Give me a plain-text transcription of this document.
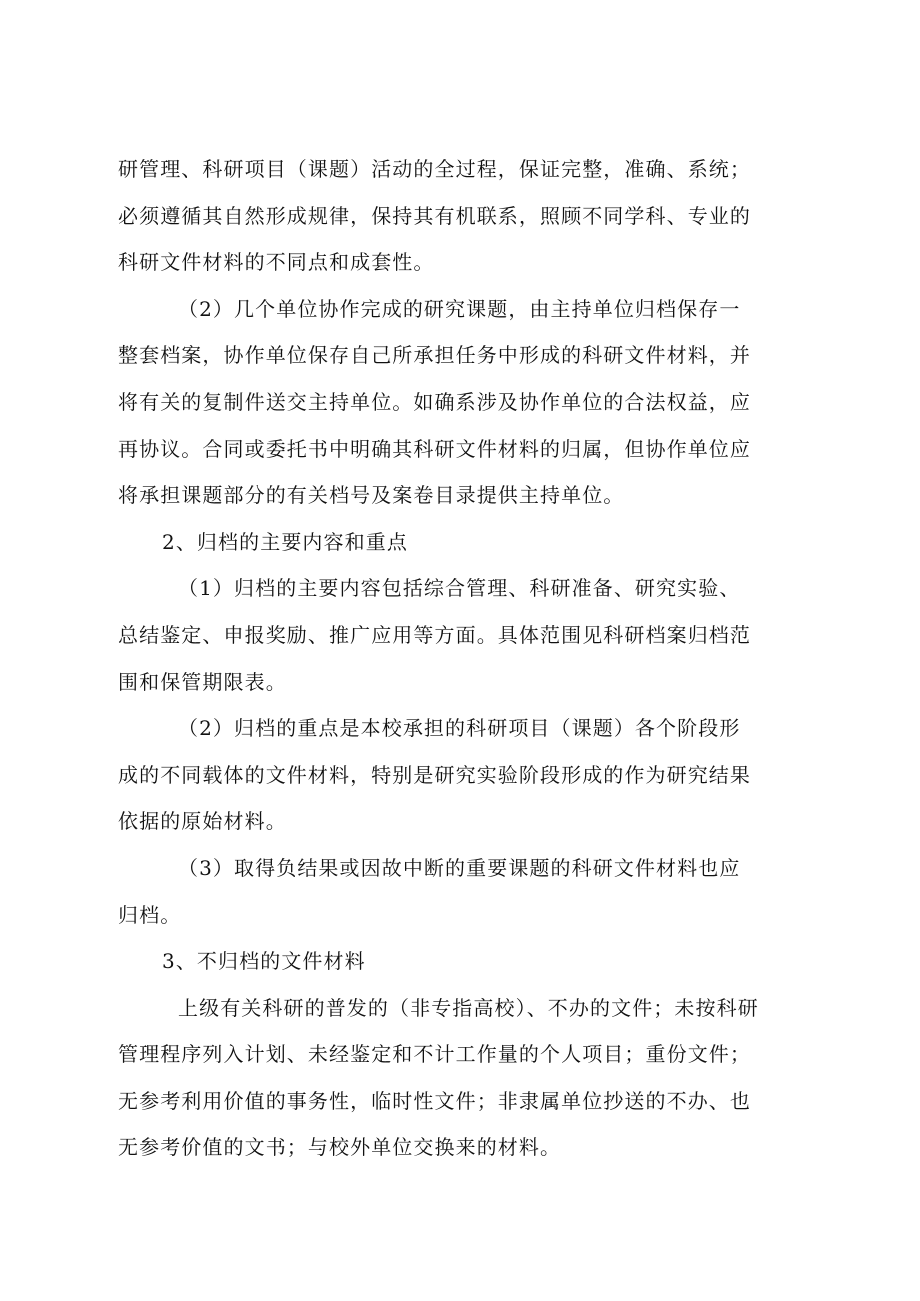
研管理、科研项目（课题）活动的全过程，保证完整，准确、系统；
必须遵循其自然形成规律，保持其有机联系，照顾不同学科、专业的
科研文件材料的不同点和成套性。
（2）几个单位协作完成的研究课题，由主持单位归档保存一
整套档案，协作单位保存自己所承担任务中形成的科研文件材料，并
将有关的复制件送交主持单位。如确系涉及协作单位的合法权益，应
再协议。合同或委托书中明确其科研文件材料的归属，但协作单位应
将承担课题部分的有关档号及案卷目录提供主持单位。
2、归档的主要内容和重点
（1）归档的主要内容包括综合管理、科研准备、研究实验、
总结鉴定、申报奖励、推广应用等方面。具体范围见科研档案归档范
围和保管期限表。
（2）归档的重点是本校承担的科研项目（课题）各个阶段形
成的不同载体的文件材料，特别是研究实验阶段形成的作为研究结果
依据的原始材料。
（3）取得负结果或因故中断的重要课题的科研文件材料也应
归档。
3、不归档的文件材料
上级有关科研的普发的（非专指高校）、不办的文件；未按科研
管理程序列入计划、未经鉴定和不计工作量的个人项目；重份文件；
无参考利用价值的事务性，临时性文件；非隶属单位抄送的不办、也
无参考价值的文书；与校外单位交换来的材料。
